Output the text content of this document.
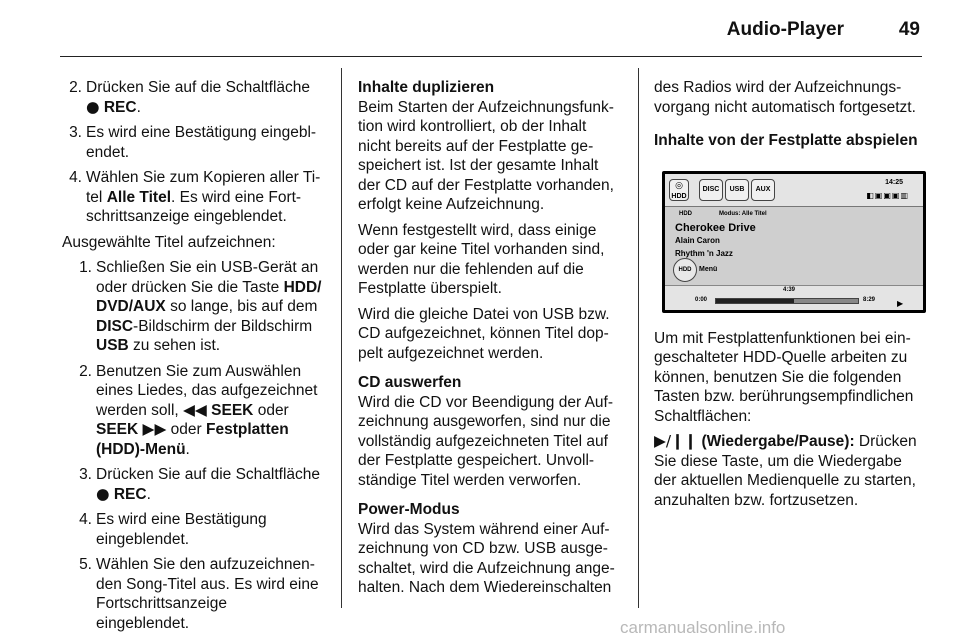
Audio-Player	49
2. Drücken Sie auf die Schaltfläche ● REC.
3. Es wird eine Bestätigung eingeblendet.
4. Wählen Sie zum Kopieren aller Titel Alle Titel. Es wird eine Fortschrittsanzeige eingeblendet.

Ausgewählte Titel aufzeichnen:

1. Schließen Sie ein USB-Gerät an oder drücken Sie die Taste HDD/ DVD/AUX so lange, bis auf dem DISC-Bildschirm der Bildschirm USB zu sehen ist.
2. Benutzen Sie zum Auswählen eines Liedes, das aufgezeichnet werden soll, ◀◀ SEEK oder SEEK ▶▶ oder Festplatten (HDD)-Menü.
3. Drücken Sie auf die Schaltfläche ● REC.
4. Es wird eine Bestätigung eingeblendet.
5. Wählen Sie den aufzuzeichnenden Song-Titel aus. Es wird eine Fortschrittsanzeige eingeblendet.
Inhalte duplizieren

Beim Starten der Aufzeichnungsfunktion wird kontrolliert, ob der Inhalt nicht bereits auf der Festplatte gespeichert ist. Ist der gesamte Inhalt der CD auf der Festplatte vorhanden, erfolgt keine Aufzeichnung.

Wenn festgestellt wird, dass einige oder gar keine Titel vorhanden sind, werden nur die fehlenden auf die Festplatte überspielt.

Wird die gleiche Datei von USB bzw. CD aufgezeichnet, können Titel doppelt aufgezeichnet werden.

CD auswerfen

Wird die CD vor Beendigung der Aufzeichnung ausgeworfen, sind nur die vollständig aufgezeichneten Titel auf der Festplatte gespeichert. Unvollständige Titel werden verworfen.

Power-Modus

Wird das System während einer Aufzeichnung von CD bzw. USB ausgeschaltet, wird die Aufzeichnung angehalten. Nach dem Wiedereinschalten

des Radios wird der Aufzeichnungsvorgang nicht automatisch fortgesetzt.

Inhalte von der Festplatte abspielen
◎
HDD
DISC	USB	AUX
14:25
◧▣▣▣▥
HDD	Modus: Alle Titel
Cherokee Drive
Alain Caron
Rhythm 'n Jazz
HDD	Menü
0:00
4:39
8:29	▶

Um mit Festplattenfunktionen bei eingeschalteter HDD-Quelle arbeiten zu können, benutzen Sie die folgenden Tasten bzw. berührungsempfindlichen Schaltflächen:

▶/❙❙ (Wiedergabe/Pause): Drücken Sie diese Taste, um die Wiedergabe der aktuellen Medienquelle zu starten, anzuhalten bzw. fortzusetzen.

carmanualsonline.info
